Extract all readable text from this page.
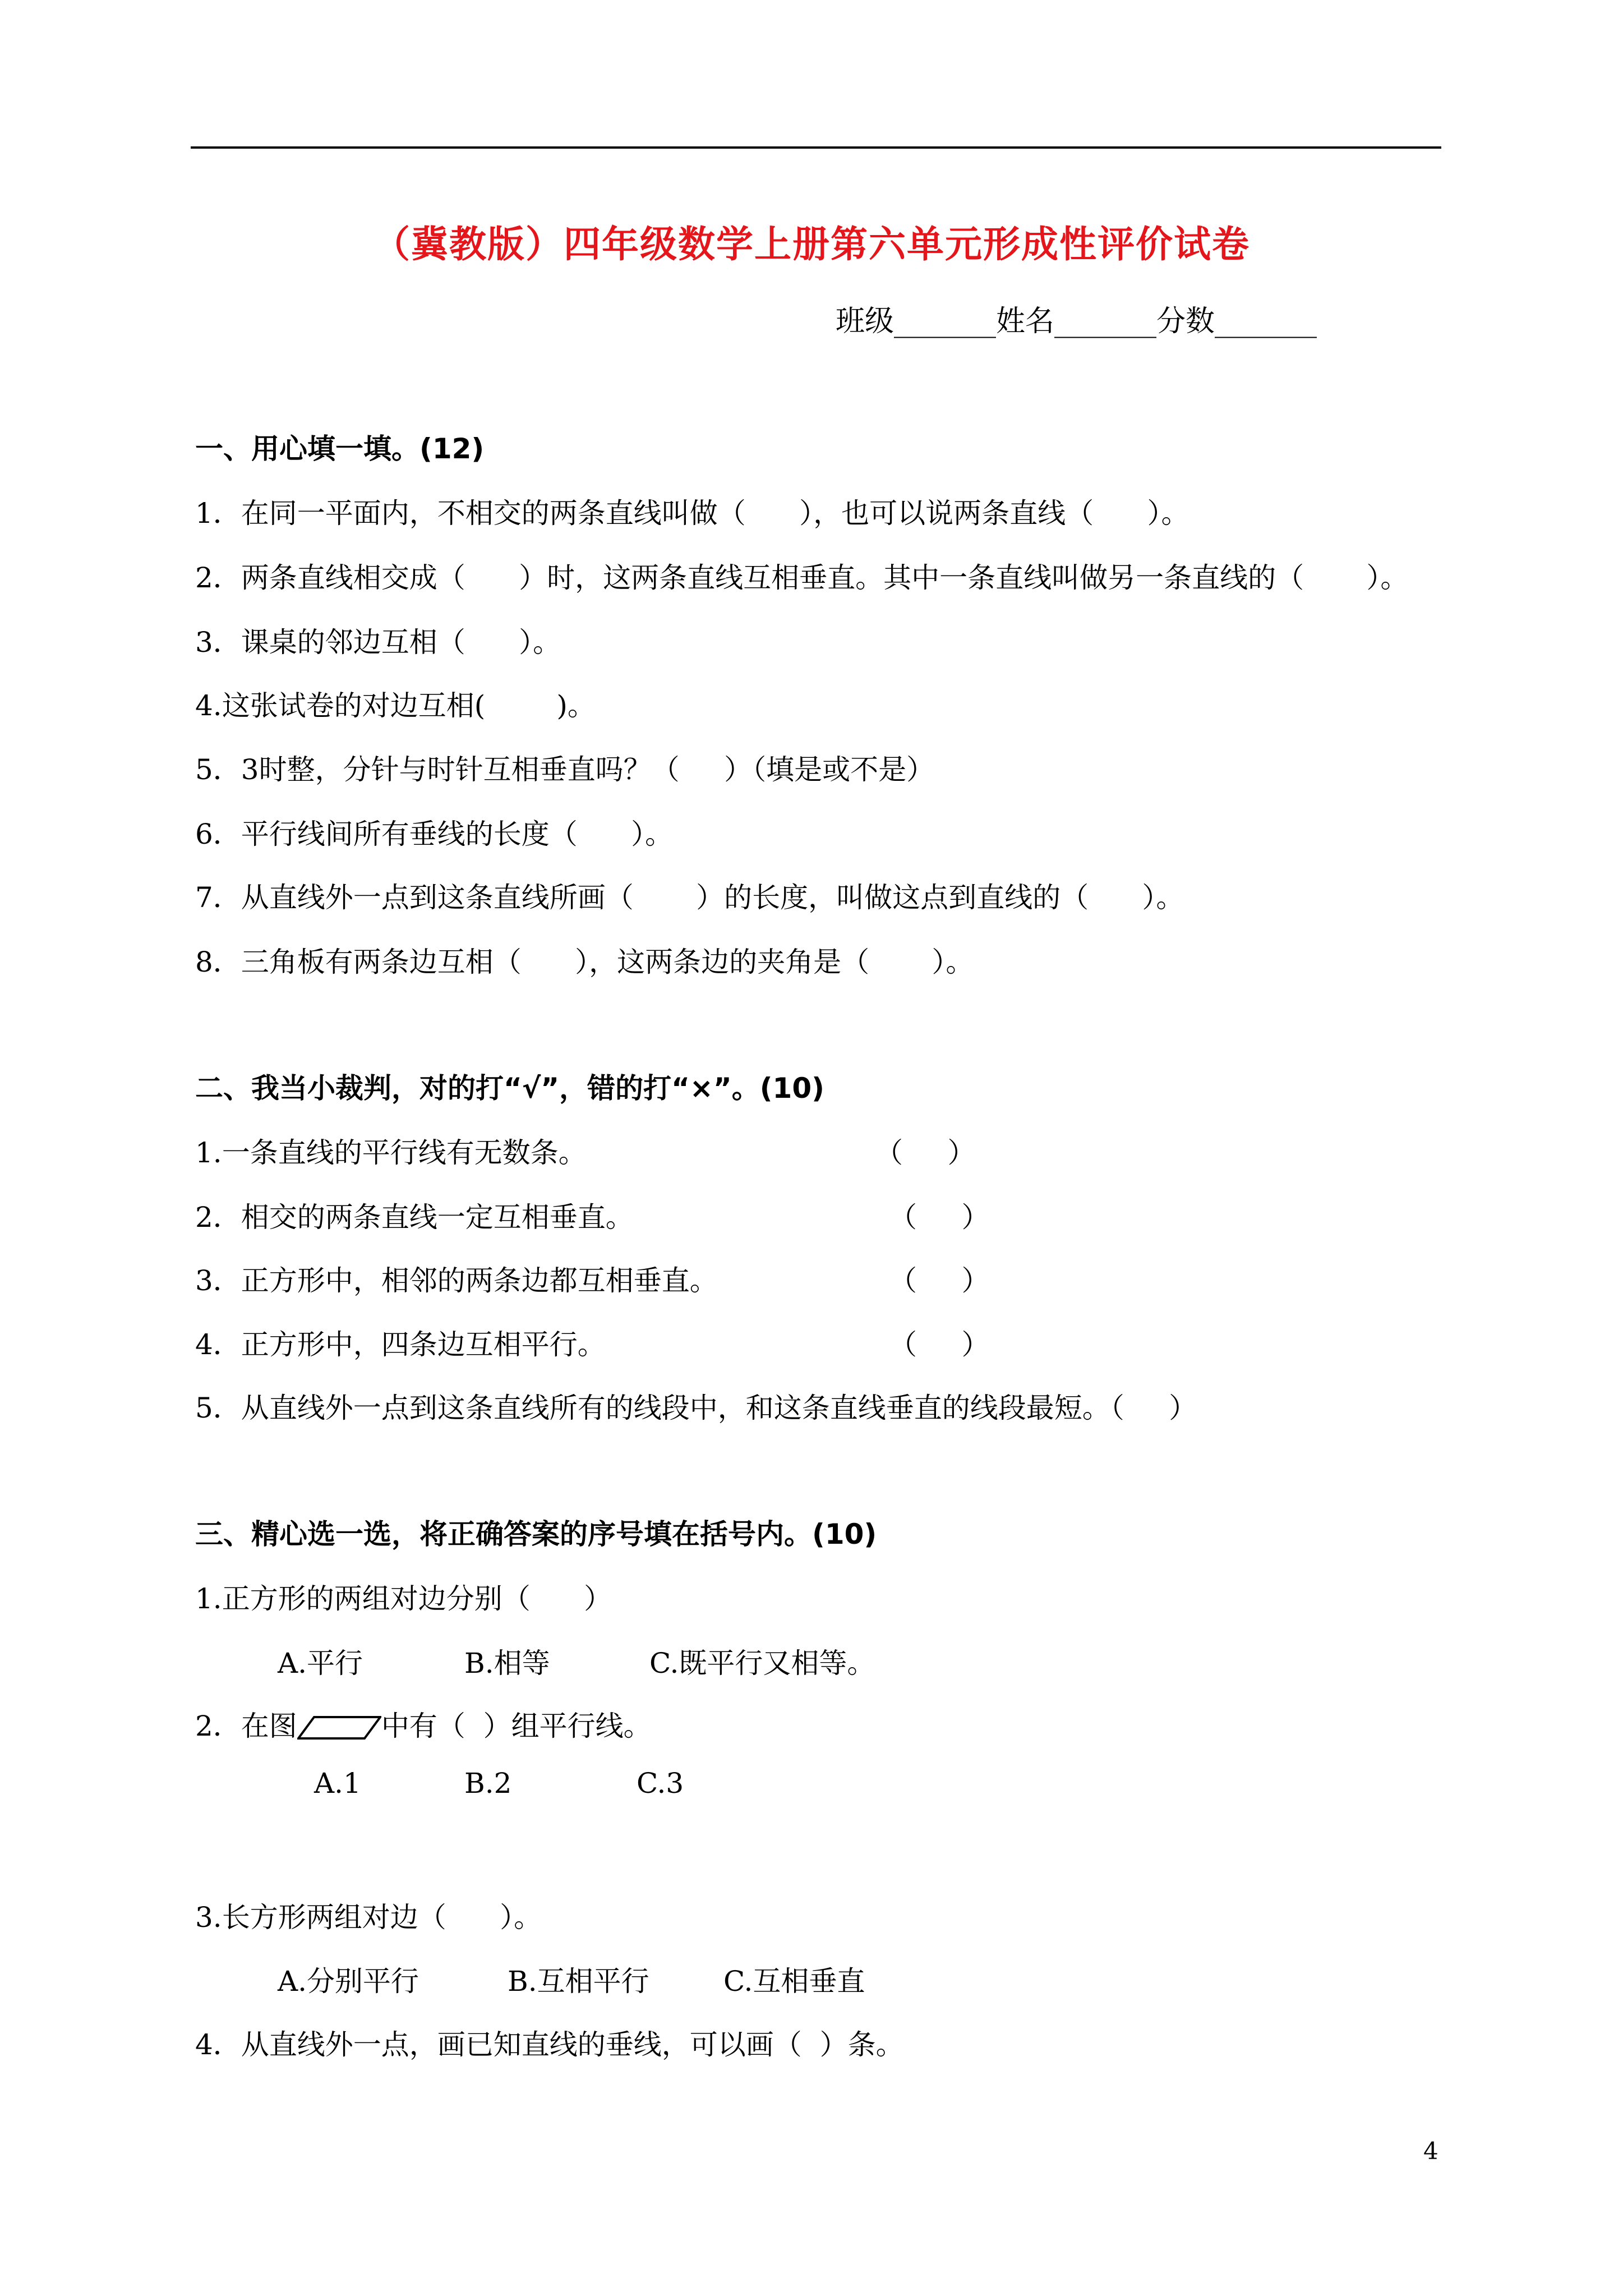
（冀教版）四年级数学上册第六单元形成性评价试卷
班级_______姓名_______分数_______
一、用心填一填。(12)
1．在同一平面内，不相交的两条直线叫做（      ），也可以说两条直线（      ）。
2．两条直线相交成（      ）时，这两条直线互相垂直。其中一条直线叫做另一条直线的（       ）。
3．课桌的邻边互相（      ）。
4.这张试卷的对边互相(        )。
5．3时整，分针与时针互相垂直吗？（     ）（填是或不是）
6．平行线间所有垂线的长度（      ）。
7．从直线外一点到这条直线所画（       ）的长度，叫做这点到直线的（      ）。
8．三角板有两条边互相（      ），这两条边的夹角是（       ）。
二、我当小裁判，对的打“√”，错的打“×”。(10)
1.一条直线的平行线有无数条。	（     ）
2．相交的两条直线一定互相垂直。	（     ）
3．正方形中，相邻的两条边都互相垂直。	（     ）
4．正方形中，四条边互相平行。	（     ）
5．从直线外一点到这条直线所有的线段中，和这条直线垂直的线段最短。（     ）
三、精心选一选，将正确答案的序号填在括号内。(10)
1.正方形的两组对边分别（      ）
A.平行	B.相等	C.既平行又相等。
2．在图	中有（  ）组平行线。
A.1	B.2	C.3
3.长方形两组对边（      ）。
A.分别平行	B.互相平行	C.互相垂直
4．从直线外一点，画已知直线的垂线，可以画（  ）条。
4
